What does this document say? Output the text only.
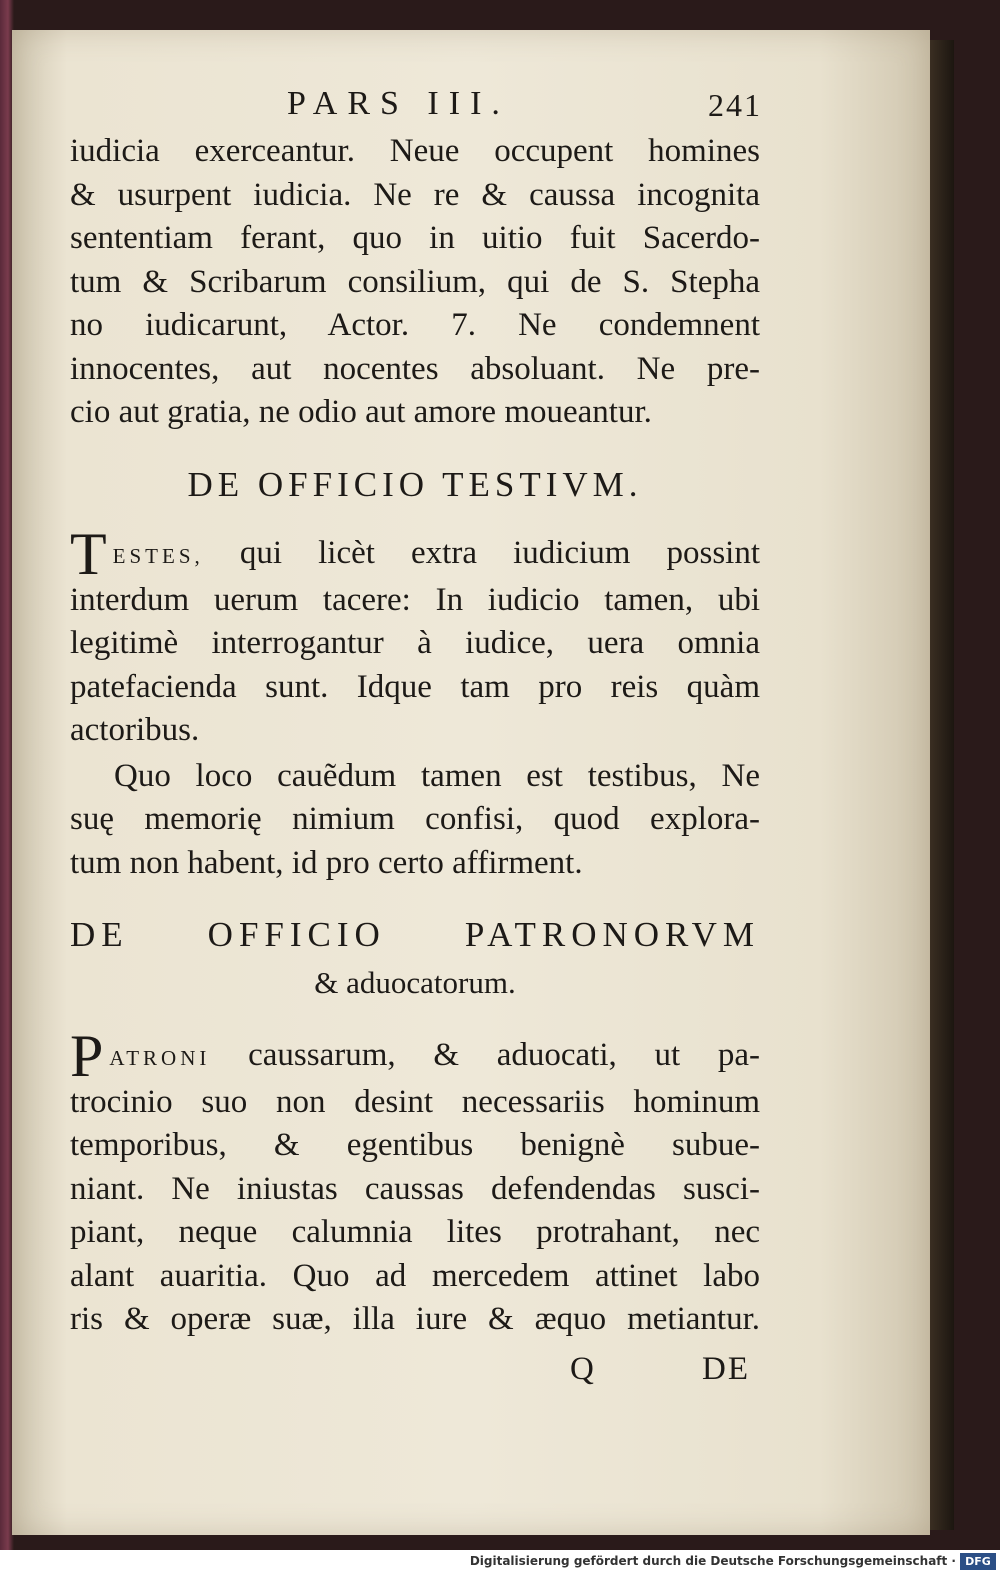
PARS III.	241
iudicia exerceantur. Neue occupent homines
& usurpent iudicia. Ne re & caussa incognita
sententiam ferant, quo in uitio fuit Sacerdo-
tum & Scribarum consilium, qui de S. Stepha
no iudicarunt, Actor. 7. Ne condemnent
innocentes, aut nocentes absoluant. Ne pre-
cio aut gratia, ne odio aut amore moueantur.
DE OFFICIO TESTIVM.
T ESTES, qui licèt extra iudicium possint
interdum uerum tacere: In iudicio tamen, ubi
legitimè interrogantur à iudice, uera omnia
patefacienda sunt. Idque tam pro reis quàm
actoribus.
Quo loco cauẽdum tamen est testibus, Ne
suę memorię nimium confisi, quod explora-
tum non habent, id pro certo affirment.
DE OFFICIO PATRONORVM
& aduocatorum.
P ATRONI caussarum, & aduocati, ut pa-
trocinio suo non desint necessariis hominum
temporibus, & egentibus benignè subue-
niant. Ne iniustas caussas defendendas susci-
piant, neque calumnia lites protrahant, nec
alant auaritia. Quo ad mercedem attinet labo
ris & operæ suæ, illa iure & æquo metiantur.
Q	DE
Digitalisierung gefördert durch die Deutsche Forschungsgemeinschaft · DFG
